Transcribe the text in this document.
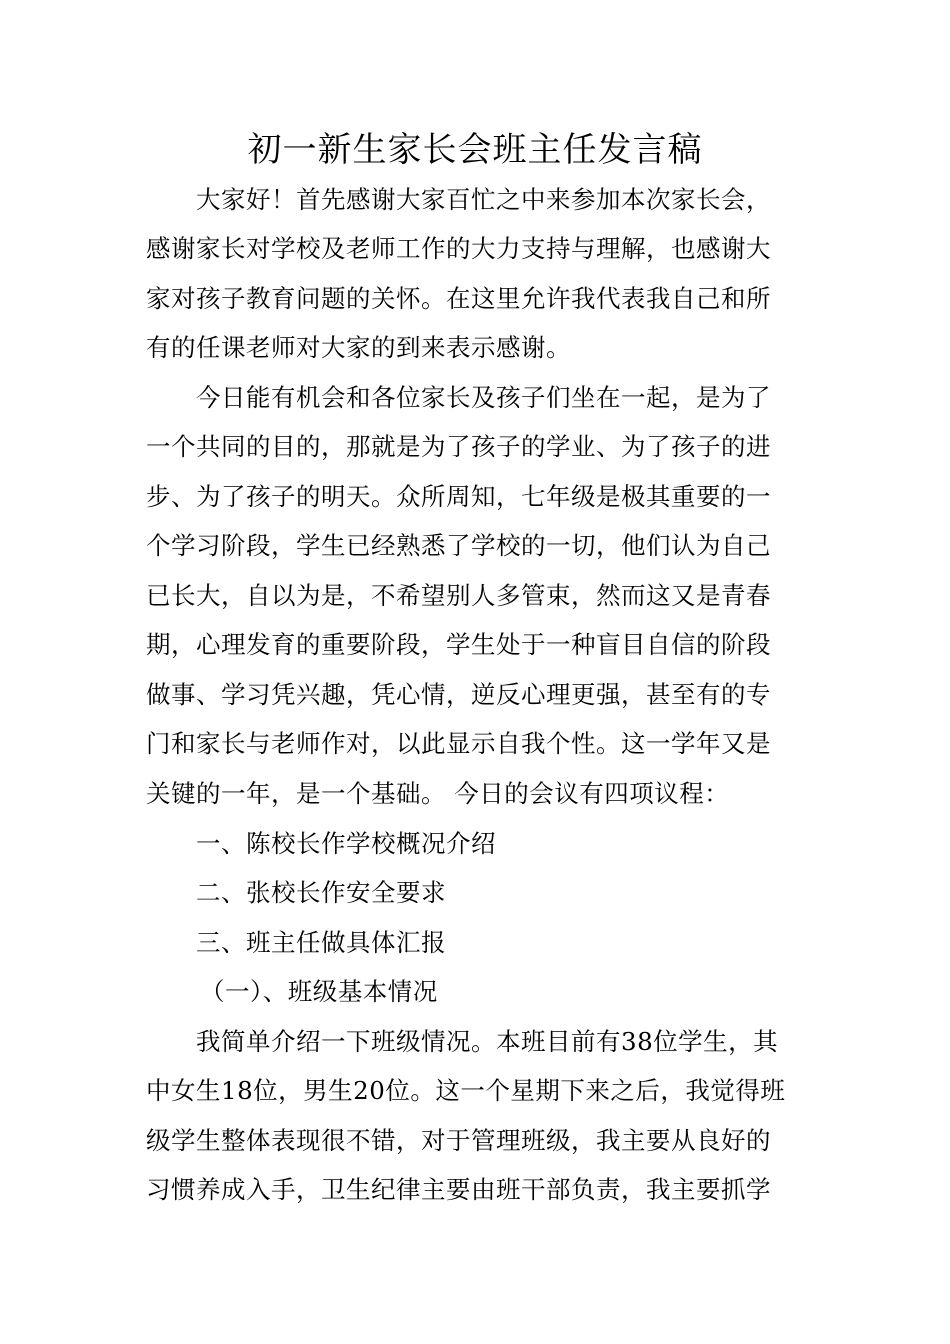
初一新生家长会班主任发言稿
大家好！首先感谢大家百忙之中来参加本次家长会，
感谢家长对学校及老师工作的大力支持与理解，也感谢大
家对孩子教育问题的关怀。在这里允许我代表我自己和所
有的任课老师对大家的到来表示感谢。
今日能有机会和各位家长及孩子们坐在一起，是为了
一个共同的目的，那就是为了孩子的学业、为了孩子的进
步、为了孩子的明天。众所周知，七年级是极其重要的一
个学习阶段，学生已经熟悉了学校的一切，他们认为自己
已长大，自以为是，不希望别人多管束，然而这又是青春
期，心理发育的重要阶段，学生处于一种盲目自信的阶段
做事、学习凭兴趣，凭心情，逆反心理更强，甚至有的专
门和家长与老师作对，以此显示自我个性。这一学年又是
关键的一年，是一个基础。 今日的会议有四项议程：
一、陈校长作学校概况介绍
二、张校长作安全要求
三、班主任做具体汇报
（一）、班级基本情况
我简单介绍一下班级情况。本班目前有38位学生，其
中女生18位，男生20位。这一个星期下来之后，我觉得班
级学生整体表现很不错，对于管理班级，我主要从良好的
习惯养成入手，卫生纪律主要由班干部负责，我主要抓学
